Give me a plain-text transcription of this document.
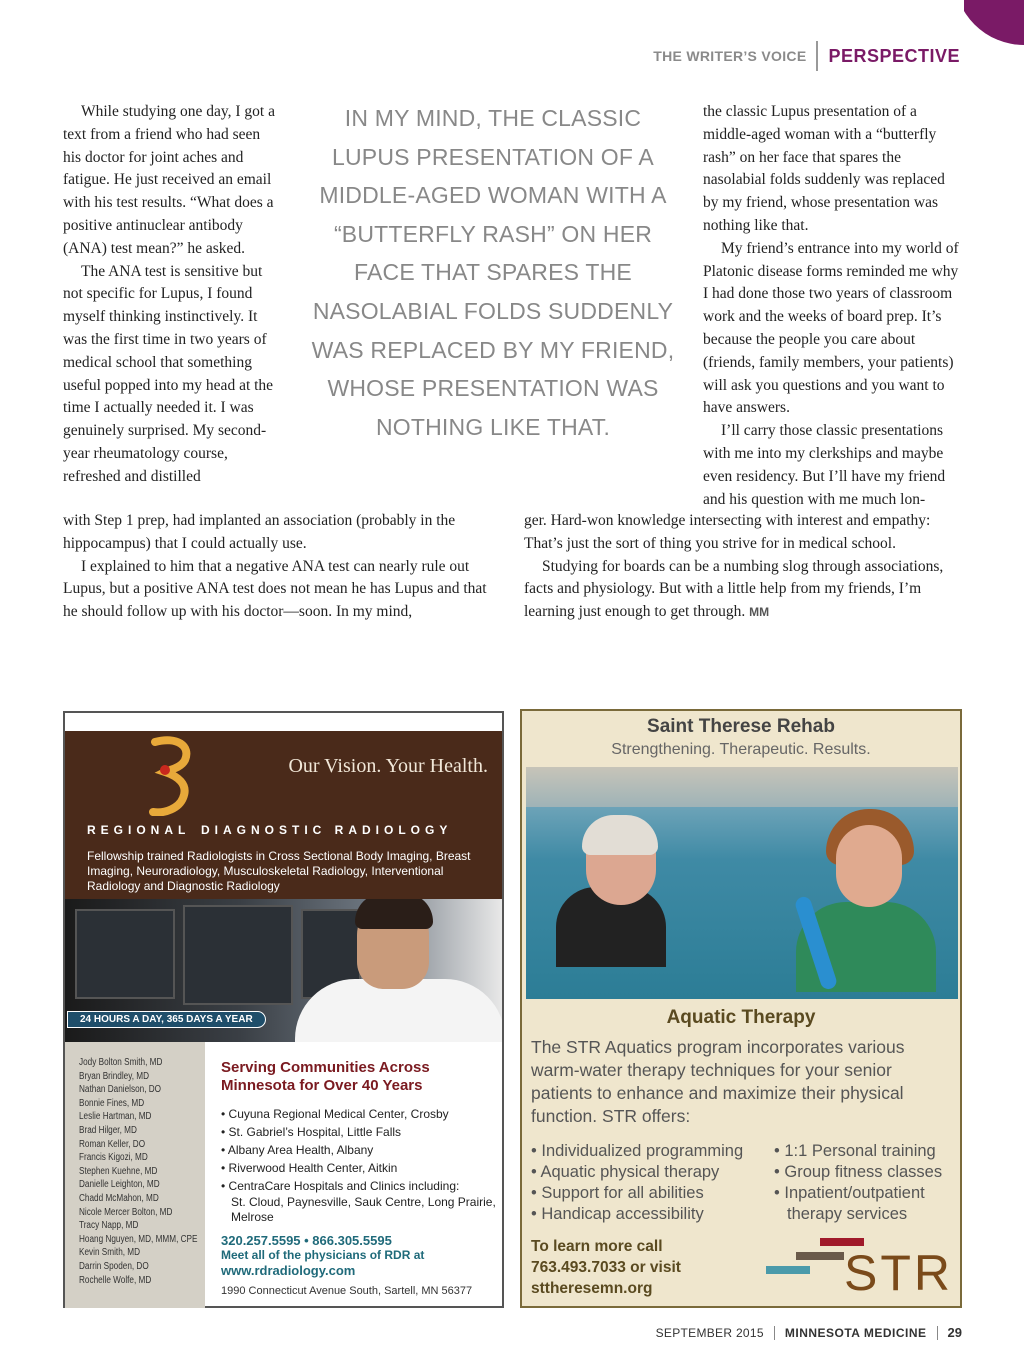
THE WRITER’S VOICE PERSPECTIVE

While studying one day, I got a text from a friend who had seen his doctor for joint aches and fatigue. He just received an email with his test results. “What does a positive antinuclear antibody (ANA) test mean?” he asked.

The ANA test is sensitive but not specific for Lupus, I found myself thinking instinctively. It was the first time in two years of medical school that something useful popped into my head at the time I actually needed it. I was genuinely surprised. My second-year rheumatology course, refreshed and distilled

IN MY MIND, THE CLASSIC LUPUS PRESENTATION OF A MIDDLE-AGED WOMAN WITH A “BUTTERFLY RASH” ON HER FACE THAT SPARES THE NASOLABIAL FOLDS SUDDENLY WAS REPLACED BY MY FRIEND, WHOSE PRESENTATION WAS NOTHING LIKE THAT.

the classic Lupus presentation of a middle-aged woman with a “butterfly rash” on her face that spares the nasolabial folds suddenly was replaced by my friend, whose presentation was nothing like that.

My friend’s entrance into my world of Platonic disease forms reminded me why I had done those two years of classroom work and the weeks of board prep. It’s because the people you care about (friends, family members, your patients) will ask you questions and you want to have answers.

I’ll carry those classic presentations with me into my clerkships and maybe even residency. But I’ll have my friend and his question with me much lon-

with Step 1 prep, had implanted an association (probably in the hippocampus) that I could actually use.

I explained to him that a negative ANA test can nearly rule out Lupus, but a positive ANA test does not mean he has Lupus and that he should follow up with his doctor—soon. In my mind,

ger. Hard-won knowledge intersecting with interest and empathy: That’s just the sort of thing you strive for in medical school.

Studying for boards can be a numbing slog through associations, facts and physiology. But with a little help from my friends, I’m learning just enough to get through. MM

Our Vision. Your Health.
REGIONAL DIAGNOSTIC RADIOLOGY
Fellowship trained Radiologists in Cross Sectional Body Imaging, Breast Imaging, Neuroradiology, Musculoskeletal Radiology, Interventional Radiology and Diagnostic Radiology
24 HOURS A DAY, 365 DAYS A YEAR
Jody Bolton Smith, MD
Bryan Brindley, MD
Nathan Danielson, DO
Bonnie Fines, MD
Leslie Hartman, MD
Brad Hilger, MD
Roman Keller, DO
Francis Kigozi, MD
Stephen Kuehne, MD
Danielle Leighton, MD
Chadd McMahon, MD
Nicole Mercer Bolton, MD
Tracy Napp, MD
Hoang Nguyen, MD, MMM, CPE
Kevin Smith, MD
Darrin Spoden, DO
Rochelle Wolfe, MD
Serving Communities Across Minnesota for Over 40 Years
• Cuyuna Regional Medical Center, Crosby
• St. Gabriel’s Hospital, Little Falls
• Albany Area Health, Albany
• Riverwood Health Center, Aitkin
• CentraCare Hospitals and Clinics including:
St. Cloud, Paynesville, Sauk Centre, Long Prairie, Melrose
320.257.5595 • 866.305.5595
Meet all of the physicians of RDR at
www.rdradiology.com
1990 Connecticut Avenue South, Sartell, MN 56377
Saint Therese Rehab
Strengthening. Therapeutic. Results.
Aquatic Therapy
The STR Aquatics program incorporates various warm-water therapy techniques for your senior patients to enhance and maximize their physical function. STR offers:
• Individualized programming
• Aquatic physical therapy
• Support for all abilities
• Handicap accessibility
• 1:1 Personal training
• Group fitness classes
• Inpatient/outpatient
therapy services
To learn more call
763.493.7033 or visit
sttheresemn.org	STR
SEPTEMBER 2015 MINNESOTA MEDICINE 29
